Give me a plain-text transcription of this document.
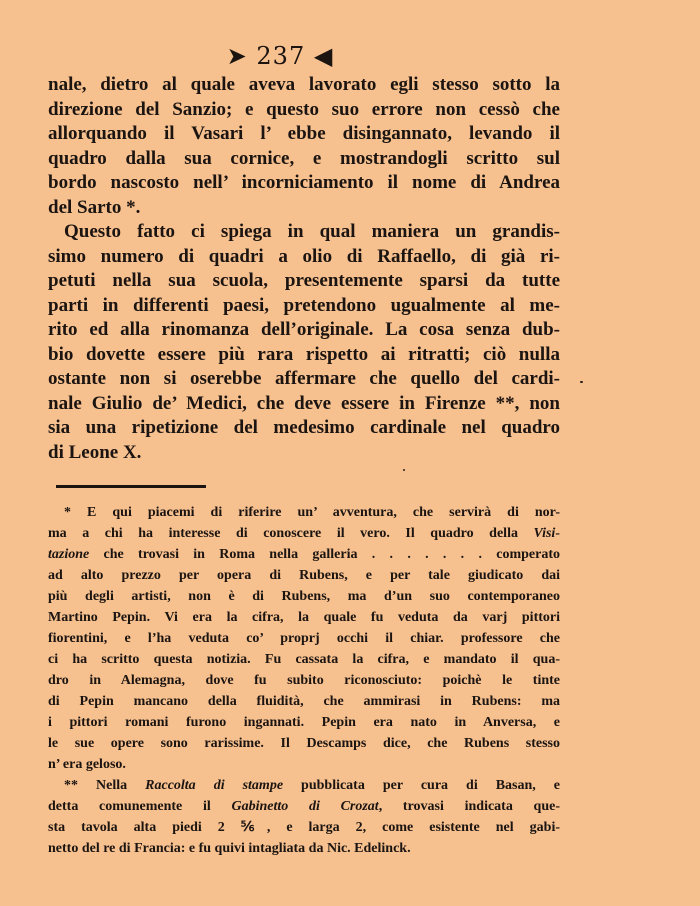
➤ 237 ◀
nale, dietro al quale aveva lavorato egli stesso sotto la
direzione del Sanzio; e questo suo errore non cessò che
allorquando il Vasari l’ ebbe disingannato, levando il
quadro dalla sua cornice, e mostrandogli scritto sul
bordo nascosto nell’ incorniciamento il nome di Andrea
del Sarto *.
Questo fatto ci spiega in qual maniera un grandis-
simo numero di quadri a olio di Raffaello, di già ri-
petuti nella sua scuola, presentemente sparsi da tutte
parti in differenti paesi, pretendono ugualmente al me-
rito ed alla rinomanza dell’originale. La cosa senza dub-
bio dovette essere più rara rispetto ai ritratti; ciò nulla
ostante non si oserebbe affermare che quello del cardi-
nale Giulio de’ Medici, che deve essere in Firenze **, non
sia una ripetizione del medesimo cardinale nel quadro
di Leone X.
* E qui piacemi di riferire un’ avventura, che servirà di nor-
ma a chi ha interesse di conoscere il vero. Il quadro della Visi-
tazione che trovasi in Roma nella galleria . . . . . . . comperato
ad alto prezzo per opera di Rubens, e per tale giudicato dai
più degli artisti, non è di Rubens, ma d’un suo contemporaneo
Martino Pepin. Vi era la cifra, la quale fu veduta da varj pittori
fiorentini, e l’ha veduta co’ proprj occhi il chiar. professore che
ci ha scritto questa notizia. Fu cassata la cifra, e mandato il qua-
dro in Alemagna, dove fu subito riconosciuto: poichè le tinte
di Pepin mancano della fluidità, che ammirasi in Rubens: ma
i pittori romani furono ingannati. Pepin era nato in Anversa, e
le sue opere sono rarissime. Il Descamps dice, che Rubens stesso
n’ era geloso.
** Nella Raccolta di stampe pubblicata per cura di Basan, e
detta comunemente il Gabinetto di Crozat, trovasi indicata que-
sta tavola alta piedi 2 ⅚, e larga 2, come esistente nel gabi-
netto del re di Francia: e fu quivi intagliata da Nic. Edelinck.
